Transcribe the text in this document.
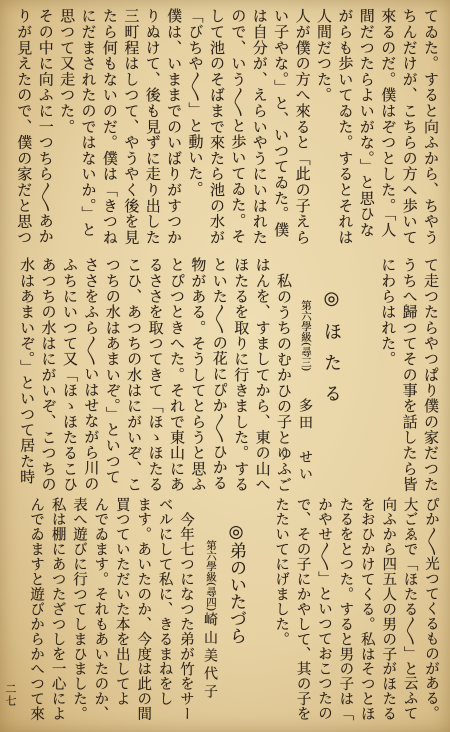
てゐた。すると向ふから、ちやう
ちんだけが、こちらの方へ歩いて
來るのだ。僕はぞつとした。「人
間だつたらよいがな。」と思ひな
がらも歩いてゐた。するとそれは
人間だつた。
人が僕の方へ來ると「此の子えら
い子やな。」と、いつてゐた。僕
は自分が、えらいやうにいはれた
ので、いう〱と歩いてゐた。そ
して池のそばまで來たら池の水が
「びちや〱」と動いた。
僕は、いままでのいばりがすつか
りぬけて、後も見ずに走り出した
三町程はしつて、やうやく後を見
たら何もないのだ。僕は「きつね
にだまされたのではないか。」と
思つて又走つた。
その中に向ふに一つちら〱あか
りが見えたので、僕の家だと思つ
て走つたらやつぱり僕の家だつた
うちへ歸つてその事を話したら皆
にわらはれた。
◎ほたる
第六學級(尋三)
多田 せい
私のうちのむかひの子とゆふご
はんを、すましてから、東の山へ
ほたるを取りに行きました。する
といた〱の花にぴか〱ひかる
物がある。そうしてとらうと思ふ
とぴつときへた。それで東山にあ
るささを取つてきて「ほゝほたる
こひ、あつちの水はにがいぞ、こ
つちの水はあまいぞ。」といつて
ささをふら〱いはせながら川の
ふちにいつて又「ほゝほたるこひ
あつちの水はにがいぞ、こつちの
水はあまいぞ。」といつて居た時
ぴか〱光つてくるものがある。
大ごゑで「ほたる〱」と云ふて
向ふから四五人の男の子がほたる
をおひかけてくる。私はそつとほ
たるをとつた。すると男の子は「
かやせ〱」といつておこつたの
で、その子にかやして、其の子を
たたいてにげました。
◎弟のいたづら
第六學級(尋四)
崎山美代子
今年七つになつた弟が竹をサー
ベルにして私に、きるまねをし
ます。あいたのか、今度は此の間
買つていただいた本を出してよ
んでゐます。それもあいたのか、
表へ遊びに行つてしまひました。
私は棚にあつたざつしを一心によ
んでゐますと遊びからかへつて來
二七
